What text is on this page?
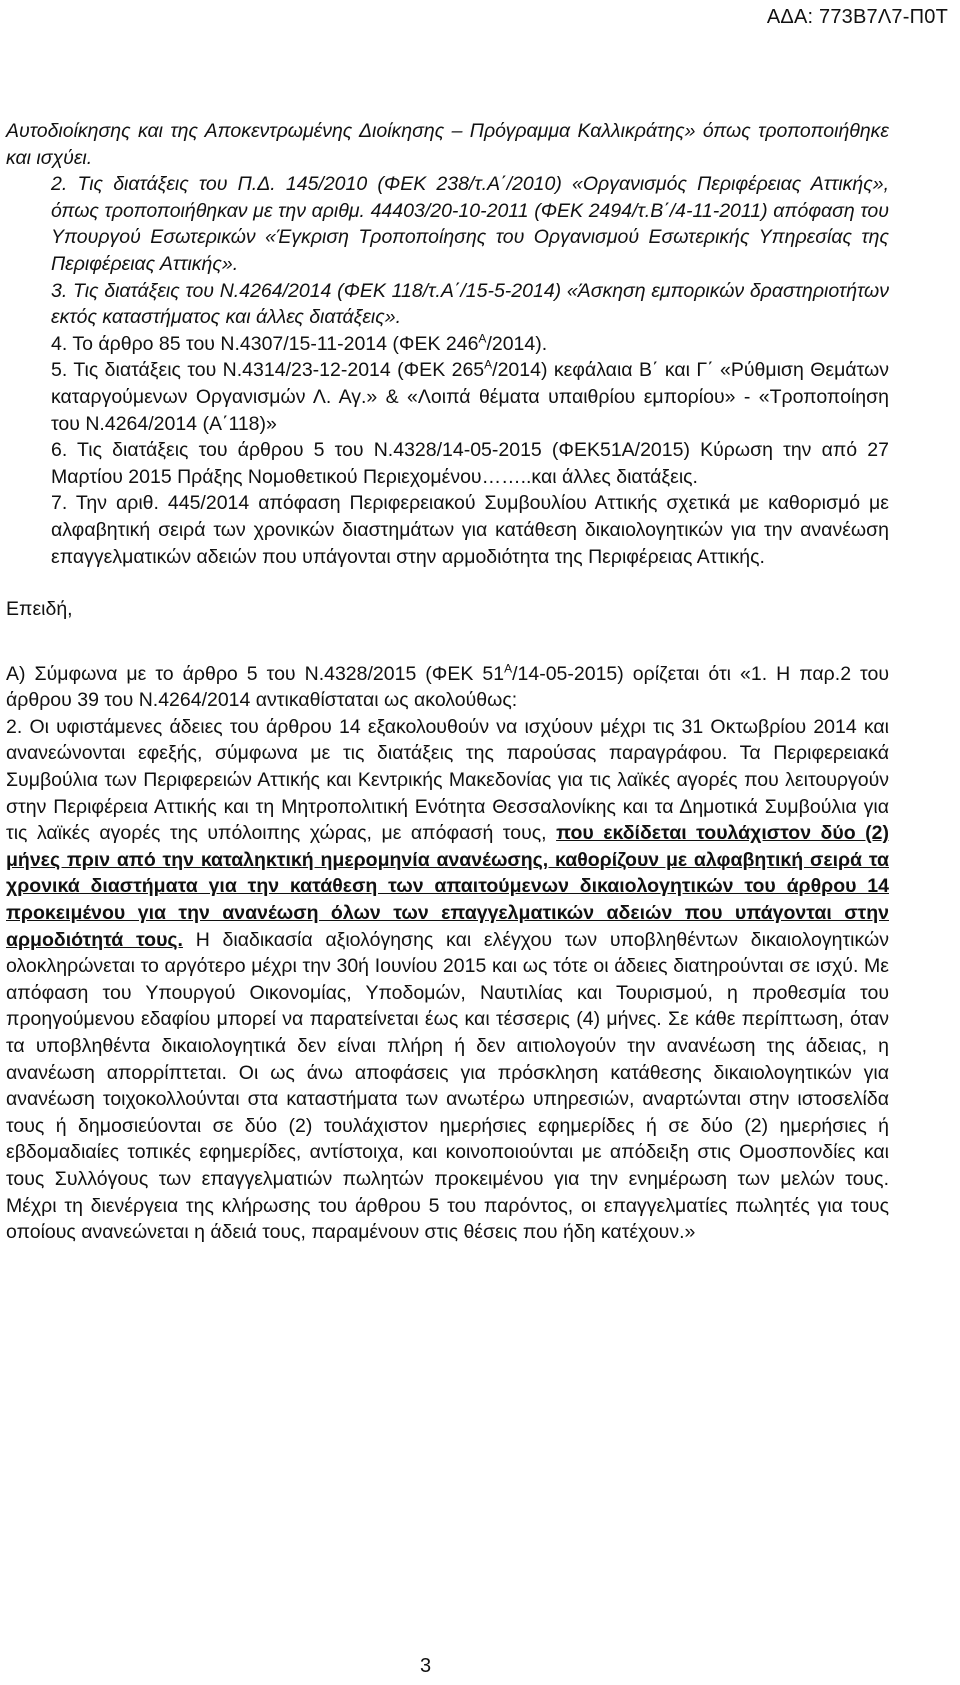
ΑΔΑ: 773Β7Λ7-Π0Τ

Αυτοδιοίκησης και της Αποκεντρωμένης Διοίκησης – Πρόγραμμα Καλλικράτης» όπως τροποποιήθηκε και ισχύει.

2. Τις διατάξεις του Π.Δ. 145/2010 (ΦΕΚ 238/τ.Α΄/2010) «Οργανισμός Περιφέρειας Αττικής», όπως τροποποιήθηκαν με την αριθμ. 44403/20-10-2011 (ΦΕΚ 2494/τ.Β΄/4-11-2011) απόφαση του Υπουργού Εσωτερικών «Έγκριση Τροποποίησης του Οργανισμού Εσωτερικής Υπηρεσίας της Περιφέρειας Αττικής».

3. Τις διατάξεις του Ν.4264/2014 (ΦΕΚ 118/τ.Α΄/15-5-2014) «Άσκηση εμπορικών δραστηριοτήτων εκτός καταστήματος και άλλες διατάξεις».

4. Το άρθρο 85 του Ν.4307/15-11-2014 (ΦΕΚ $246^A/2014$).

5. Τις διατάξεις του Ν.4314/23-12-2014 (ΦΕΚ $265^A/2014$) κεφάλαια Β΄ και Γ΄ «Ρύθμιση Θεμάτων καταργούμενων Οργανισμών Λ. Αγ.» & «Λοιπά θέματα υπαιθρίου εμπορίου» - «Τροποποίηση του Ν.4264/2014 (Α΄118)»

6. Τις διατάξεις του άρθρου 5 του Ν.4328/14-05-2015 (ΦΕΚ51Α/2015) Κύρωση την από 27 Μαρτίου 2015 Πράξης Νομοθετικού Περιεχομένου……..και άλλες διατάξεις.

7. Την αριθ. 445/2014 απόφαση Περιφερειακού Συμβουλίου Αττικής σχετικά με καθορισμό με αλφαβητική σειρά των χρονικών διαστημάτων για κατάθεση δικαιολογητικών για την ανανέωση επαγγελματικών αδειών που υπάγονται στην αρμοδιότητα της Περιφέρειας Αττικής.

Επειδή,

Α) Σύμφωνα με το άρθρο 5 του Ν.4328/2015 (ΦΕΚ $51^A/14-05-2015$) ορίζεται ότι «1. Η παρ.2 του άρθρου 39 του Ν.4264/2014 αντικαθίσταται ως ακολούθως:

2. Οι υφιστάμενες άδειες του άρθρου 14 εξακολουθούν να ισχύουν μέχρι τις 31 Οκτωβρίου 2014 και ανανεώνονται εφεξής, σύμφωνα με τις διατάξεις της παρούσας παραγράφου. Τα Περιφερειακά Συμβούλια των Περιφερειών Αττικής και Κεντρικής Μακεδονίας για τις λαϊκές αγορές που λειτουργούν στην Περιφέρεια Αττικής και τη Μητροπολιτική Ενότητα Θεσσαλονίκης και τα Δημοτικά Συμβούλια για τις λαϊκές αγορές της υπόλοιπης χώρας, με απόφασή τους, που εκδίδεται τουλάχιστον δύο (2) μήνες πριν από την καταληκτική ημερομηνία ανανέωσης, καθορίζουν με αλφαβητική σειρά τα χρονικά διαστήματα για την κατάθεση των απαιτούμενων δικαιολογητικών του άρθρου 14 προκειμένου για την ανανέωση όλων των επαγγελματικών αδειών που υπάγονται στην αρμοδιότητά τους. Η διαδικασία αξιολόγησης και ελέγχου των υποβληθέντων δικαιολογητικών ολοκληρώνεται το αργότερο μέχρι την 30ή Ιουνίου 2015 και ως τότε οι άδειες διατηρούνται σε ισχύ. Με απόφαση του Υπουργού Οικονομίας, Υποδομών, Ναυτιλίας και Τουρισμού, η προθεσμία του προηγούμενου εδαφίου μπορεί να παρατείνεται έως και τέσσερις (4) μήνες. Σε κάθε περίπτωση, όταν τα υποβληθέντα δικαιολογητικά δεν είναι πλήρη ή δεν αιτιολογούν την ανανέωση της άδειας, η ανανέωση απορρίπτεται. Οι ως άνω αποφάσεις για πρόσκληση κατάθεσης δικαιολογητικών για ανανέωση τοιχοκολλούνται στα καταστήματα των ανωτέρω υπηρεσιών, αναρτώνται στην ιστοσελίδα τους ή δημοσιεύονται σε δύο (2) τουλάχιστον ημερήσιες εφημερίδες ή σε δύο (2) ημερήσιες ή εβδομαδιαίες τοπικές εφημερίδες, αντίστοιχα, και κοινοποιούνται με απόδειξη στις Ομοσπονδίες και τους Συλλόγους των επαγγελματιών πωλητών προκειμένου για την ενημέρωση των μελών τους. Μέχρι τη διενέργεια της κλήρωσης του άρθρου 5 του παρόντος, οι επαγγελματίες πωλητές για τους οποίους ανανεώνεται η άδειά τους, παραμένουν στις θέσεις που ήδη κατέχουν.»

3
